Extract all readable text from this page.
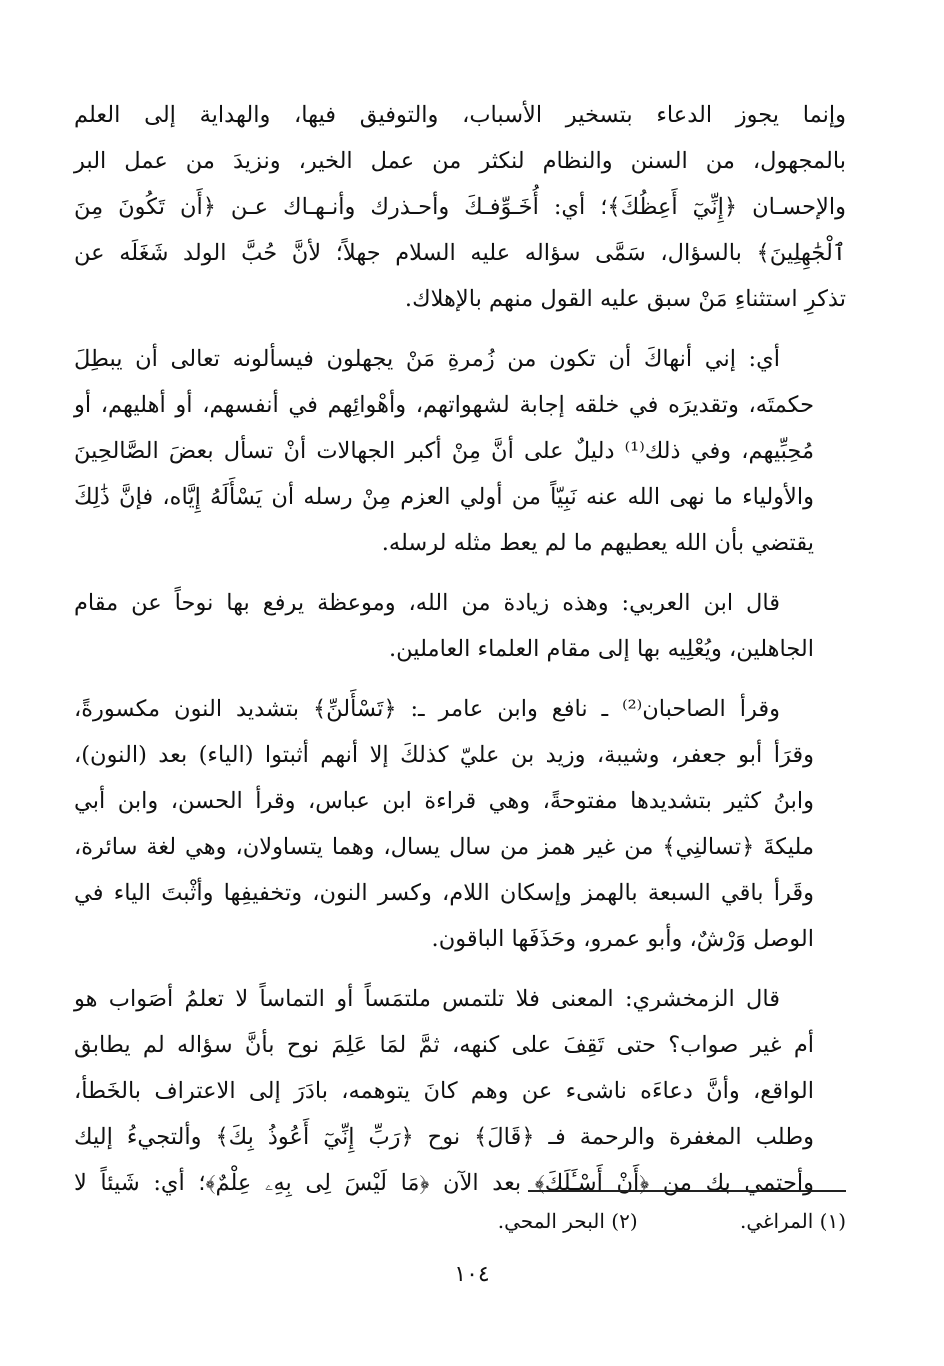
وإنما يجوز الدعاء بتسخير الأسباب، والتوفيق فيها، والهداية إلى العلم
بالمجهول، من السنن والنظام لنكثر من عمل الخير، ونزيدَ من عمل البر
والإحسـان ﴿إِنِّيٓ أَعِظُكَ﴾؛ أي: أُخَـوِّفـكَ وأحـذرك وأنـهـاك عـن ﴿أَن تَكُونَ مِنَ
ٱلْجَٰهِلِينَ﴾ بالسؤال، سَمَّى سؤاله عليه السلام جهلاً؛ لأنَّ حُبَّ الولد شَغَلَه عن
تذكرِ استثناءِ مَنْ سبق عليه القول منهم بالإهلاك.

أي: إني أنهاكَ أن تكون من زُمرةِ مَنْ يجهلون فيسألونه تعالى أن يبطِلَ
حكمتَه، وتقديرَه في خلقه إجابة لشهواتهم، وأهْوائِهم في أنفسهم، أو أهليهم، أو
مُحِبِّيهم، وفي ذلك⁽¹⁾ دليلٌ على أنَّ مِنْ أكبر الجهالات أنْ تسأل بعضَ الصَّالحِينَ
والأولياء ما نهى الله عنه نَبِيّاً من أولي العزم مِنْ رسله أن يَسْأَلَهُ إِيَّاه، فإنَّ ذَٰلِكَ
يقتضي بأن الله يعطيهم ما لم يعط مثله لرسله.

قال ابن العربي: وهذه زيادة من الله، وموعظة يرفع بها نوحاً عن مقام
الجاهلين، ويُعْلِيه بها إلى مقام العلماء العاملين.

وقرأ الصاحبان⁽²⁾ ـ نافع وابن عامر ـ: ﴿تَسْأَلنِّ﴾ بتشديد النون مكسورةً،
وقرَأ أبو جعفر، وشيبة، وزيد بن عليّ كذلكَ إلا أنهم أثبتوا (الياء) بعد (النون)،
وابنُ كثير بتشديدها مفتوحةً، وهي قراءة ابن عباس، وقرأ الحسن، وابن أبي
مليكةَ ﴿تسالنِي﴾ من غير همز من سال يسال، وهما يتساولان، وهي لغة سائرة،
وقَرأ باقي السبعة بالهمز وإسكان اللام، وكسر النون، وتخفيفِها وأثْبتَ الياء في
الوصل وَرْشٌ، وأبو عمرو، وحَذَفَها الباقون.

قال الزمخشري: المعنى فلا تلتمس ملتمَساً أو التماساً لا تعلمُ أصَواب هو
أم غير صواب؟ حتى تَقِفَ على كنهه، ثمَّ لمَا عَلِمَ نوح بأنَّ سؤاله لم يطابق
الواقع، وأنَّ دعاءَه ناشىء عن وهم كانَ يتوهمه، بادَرَ إلى الاعتراف بالخَطأ،
وطلب المغفرة والرحمة فـ ﴿قَالَ﴾ نوح ﴿رَبِّ إِنِّيٓ أَعُوذُ بِكَ﴾ وألتجيءُ إليك
وأحتمي بك من ﴿أَنْ أَسْـَٔلَكَ﴾ بعد الآن ﴿مَا لَيْسَ لِى بِهِۦ عِلْمٌ﴾؛ أي: شَيئاً لا

(١) المراغي. (٢) البحر المحي.
١٠٤
